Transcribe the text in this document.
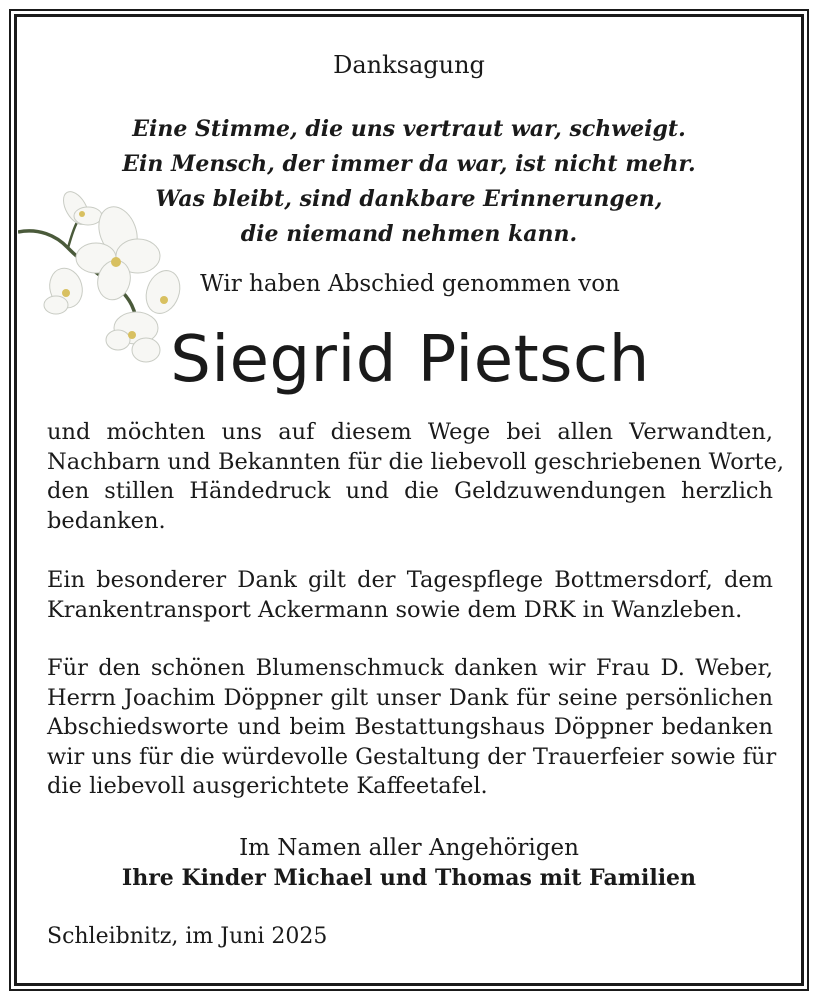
Danksagung
Eine Stimme, die uns vertraut war, schweigt.
Ein Mensch, der immer da war, ist nicht mehr.
Was bleibt, sind dankbare Erinnerungen,
die niemand nehmen kann.
Wir haben Abschied genommen von
Siegrid Pietsch
und möchten uns auf diesem Wege bei allen Verwandten,
Nachbarn und Bekannten für die liebevoll geschriebenen Worte,
den stillen Händedruck und die Geldzuwendungen herzlich
bedanken.
Ein besonderer Dank gilt der Tagespflege Bottmersdorf, dem
Krankentransport Ackermann sowie dem DRK in Wanzleben.
Für den schönen Blumenschmuck danken wir Frau D. Weber,
Herrn Joachim Döppner gilt unser Dank für seine persönlichen
Abschiedsworte und beim Bestattungshaus Döppner bedanken
wir uns für die würdevolle Gestaltung der Trauerfeier sowie für
die liebevoll ausgerichtete Kaffeetafel.
Im Namen aller Angehörigen
Ihre Kinder Michael und Thomas mit Familien
Schleibnitz, im Juni 2025
